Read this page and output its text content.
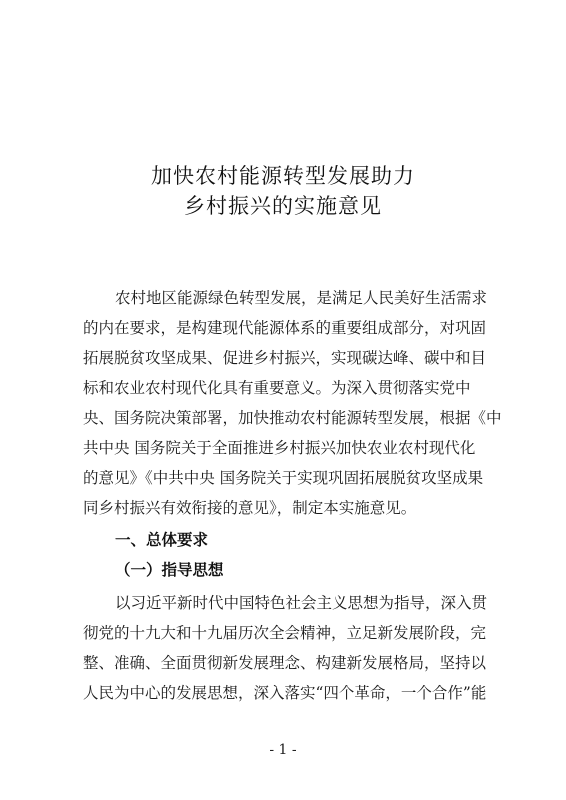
加快农村能源转型发展助力
乡村振兴的实施意见
农村地区能源绿色转型发展，是满足人民美好生活需求
的内在要求，是构建现代能源体系的重要组成部分，对巩固
拓展脱贫攻坚成果、促进乡村振兴，实现碳达峰、碳中和目
标和农业农村现代化具有重要意义。为深入贯彻落实党中
央、国务院决策部署，加快推动农村能源转型发展，根据《中
共中央 国务院关于全面推进乡村振兴加快农业农村现代化
的意见》《中共中央 国务院关于实现巩固拓展脱贫攻坚成果
同乡村振兴有效衔接的意见》，制定本实施意见。
一、总体要求
（一）指导思想
以习近平新时代中国特色社会主义思想为指导，深入贯
彻党的十九大和十九届历次全会精神，立足新发展阶段，完
整、准确、全面贯彻新发展理念、构建新发展格局，坚持以
人民为中心的发展思想，深入落实“四个革命，一个合作”能
- 1 -
